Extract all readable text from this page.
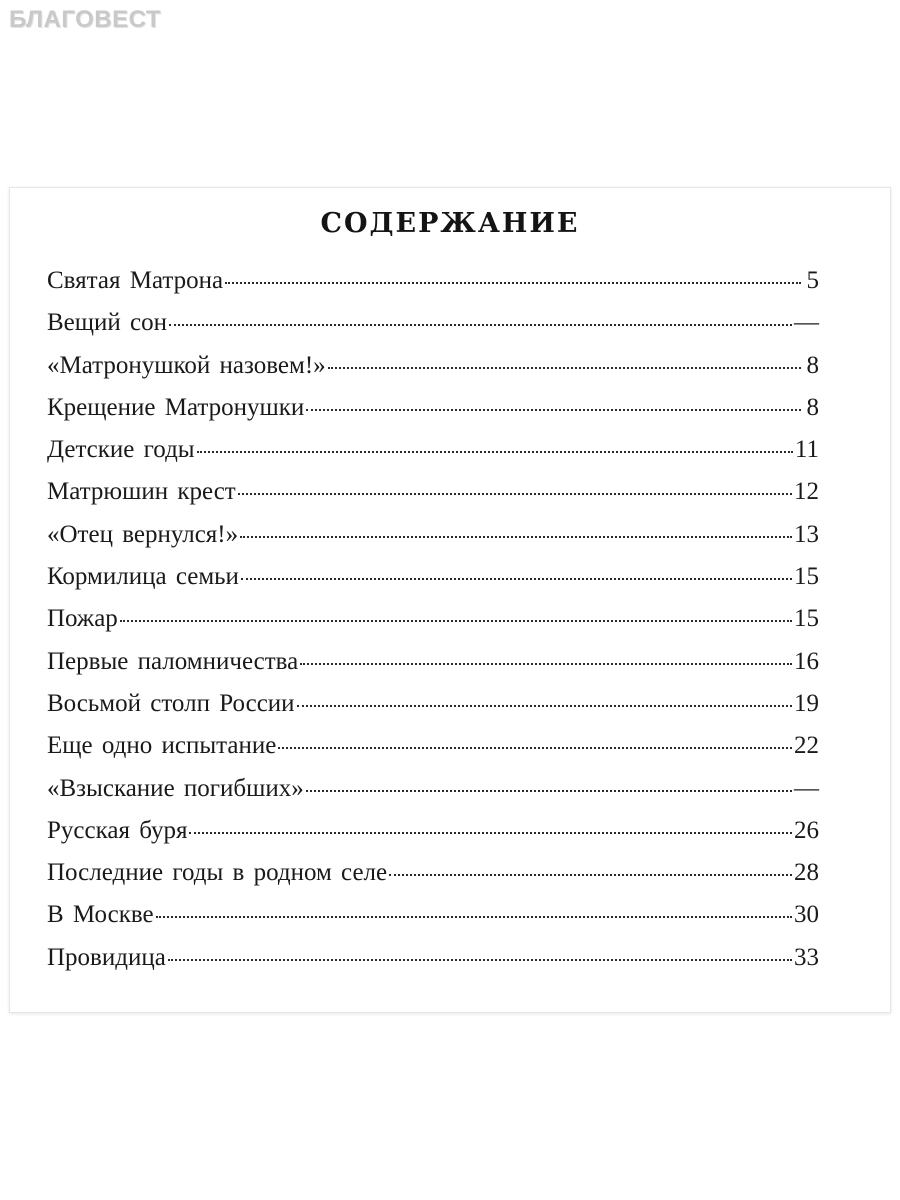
БЛАГОВЕСТ
СОДЕРЖАНИЕ
Святая Матрона	5
Вещий сон	—
«Матронушкой назовем!»	8
Крещение Матронушки	8
Детские годы	11
Матрюшин крест	12
«Отец вернулся!»	13
Кормилица семьи	15
Пожар	15
Первые паломничества	16
Восьмой столп России	19
Еще одно испытание	22
«Взыскание погибших»	—
Русская буря	26
Последние годы в родном селе	28
В Москве	30
Провидица	33
